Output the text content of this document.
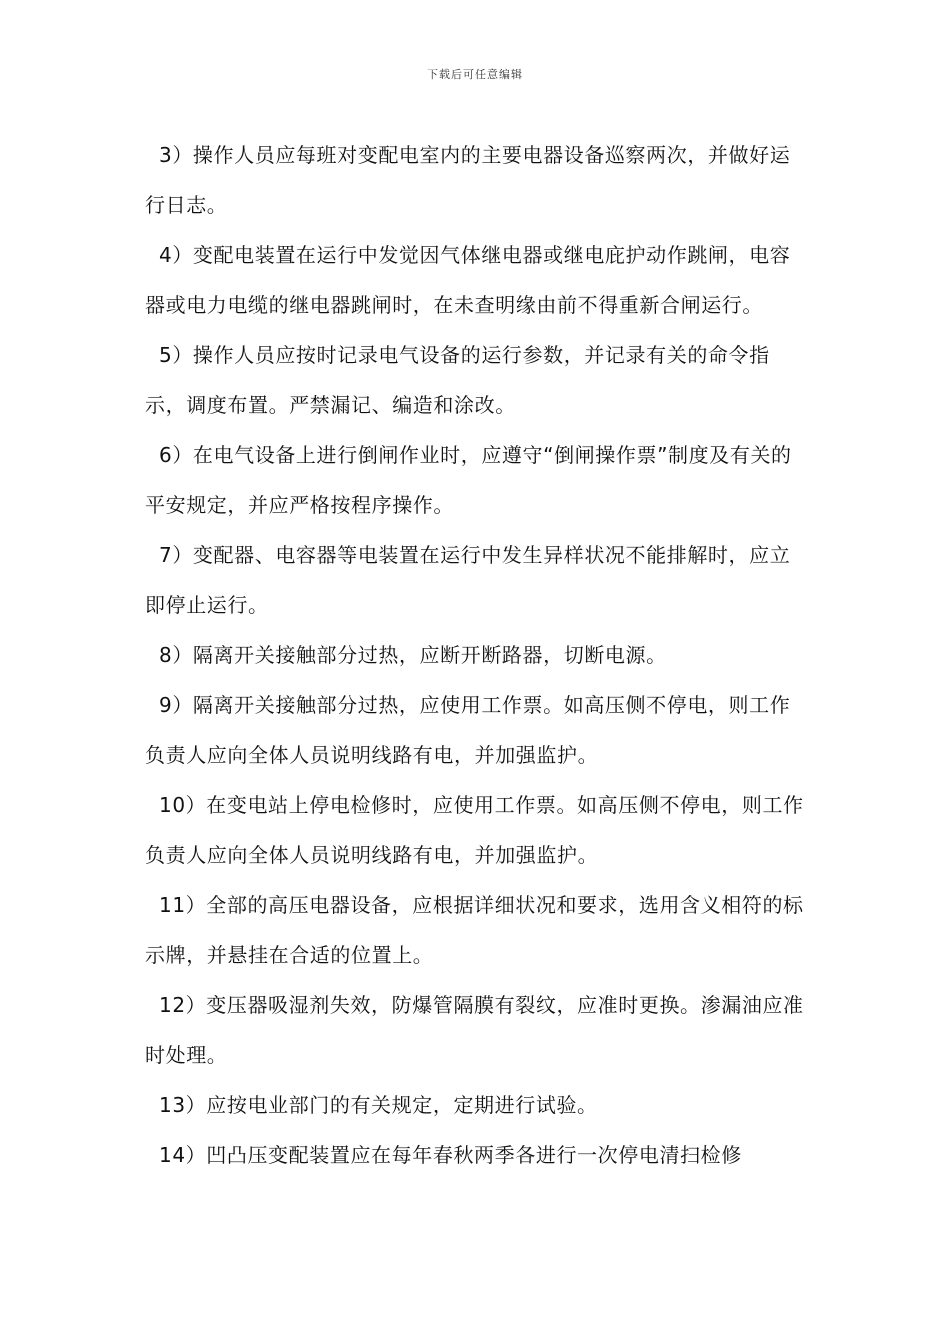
下载后可任意编辑

3）操作人员应每班对变配电室内的主要电器设备巡察两次，并做好运行日志。

4）变配电装置在运行中发觉因气体继电器或继电庇护动作跳闸，电容器或电力电缆的继电器跳闸时，在未查明缘由前不得重新合闸运行。

5）操作人员应按时记录电气设备的运行参数，并记录有关的命令指示，调度布置。严禁漏记、编造和涂改。

6）在电气设备上进行倒闸作业时，应遵守“倒闸操作票”制度及有关的平安规定，并应严格按程序操作。

7）变配器、电容器等电装置在运行中发生异样状况不能排解时，应立即停止运行。

8）隔离开关接触部分过热，应断开断路器，切断电源。

9）隔离开关接触部分过热，应使用工作票。如高压侧不停电，则工作负责人应向全体人员说明线路有电，并加强监护。

10）在变电站上停电检修时，应使用工作票。如高压侧不停电，则工作负责人应向全体人员说明线路有电，并加强监护。

11）全部的高压电器设备，应根据详细状况和要求，选用含义相符的标示牌，并悬挂在合适的位置上。

12）变压器吸湿剂失效，防爆管隔膜有裂纹，应准时更换。渗漏油应准时处理。

13）应按电业部门的有关规定，定期进行试验。

14）凹凸压变配装置应在每年春秋两季各进行一次停电清扫检修
